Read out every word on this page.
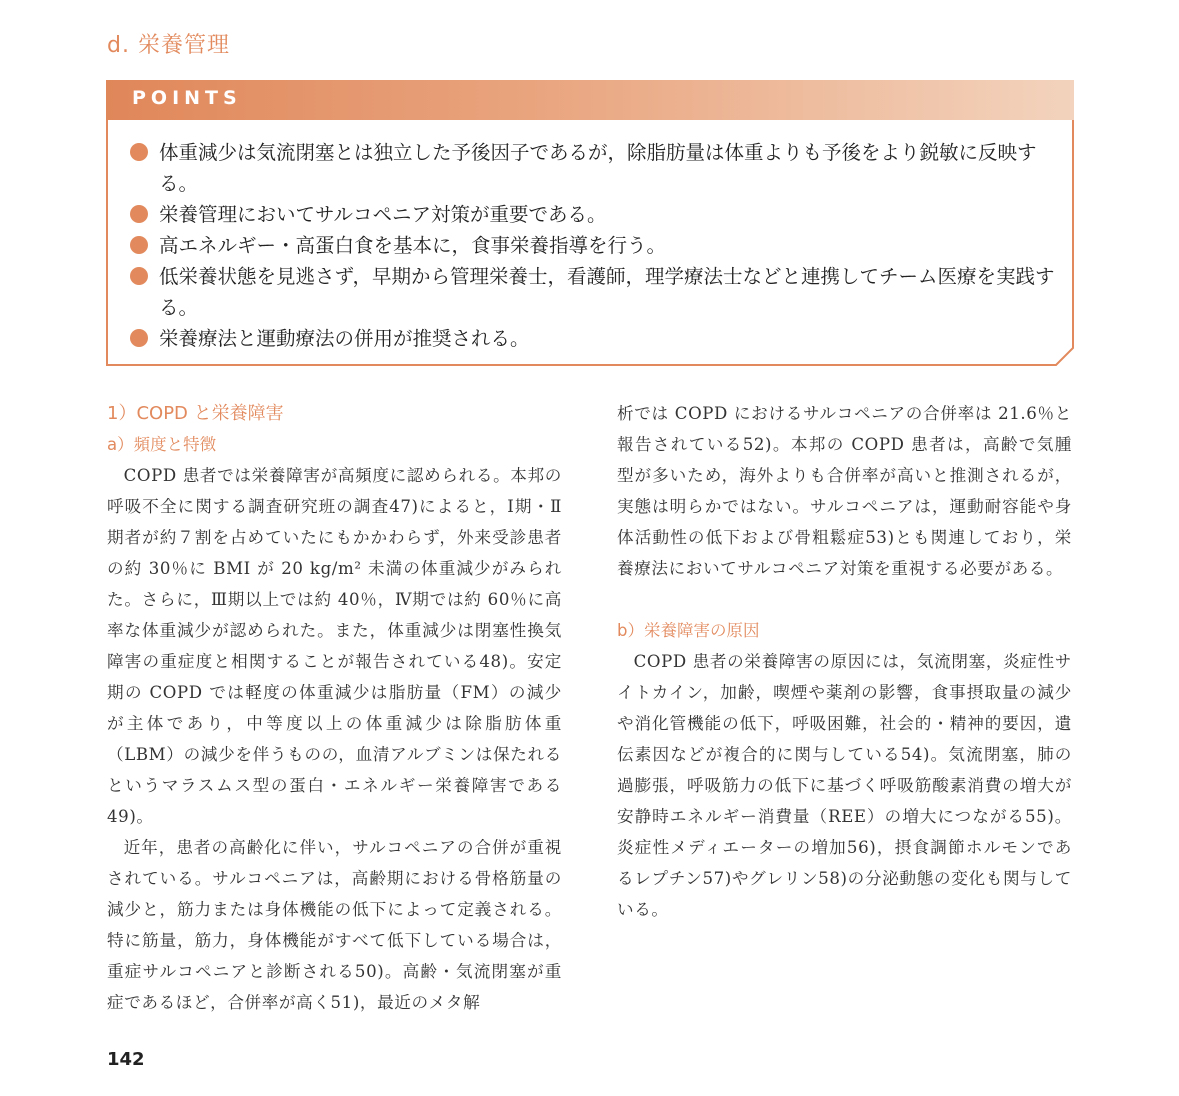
d. 栄養管理
POINTS
体重減少は気流閉塞とは独立した予後因子であるが，除脂肪量は体重よりも予後をより鋭敏に反映する。
栄養管理においてサルコペニア対策が重要である。
高エネルギー・高蛋白食を基本に，食事栄養指導を行う。
低栄養状態を見逃さず，早期から管理栄養士，看護師，理学療法士などと連携してチーム医療を実践する。
栄養療法と運動療法の併用が推奨される。
1）COPD と栄養障害
a）頻度と特徴

COPD 患者では栄養障害が高頻度に認められる。本邦の呼吸不全に関する調査研究班の調査47)によると，Ⅰ期・Ⅱ期者が約７割を占めていたにもかかわらず，外来受診患者の約 30％に BMI が 20 kg/m² 未満の体重減少がみられた。さらに，Ⅲ期以上では約 40％，Ⅳ期では約 60％に高率な体重減少が認められた。また，体重減少は閉塞性換気障害の重症度と相関することが報告されている48)。安定期の COPD では軽度の体重減少は脂肪量（FM）の減少が主体であり，中等度以上の体重減少は除脂肪体重（LBM）の減少を伴うものの，血清アルブミンは保たれるというマラスムス型の蛋白・エネルギー栄養障害である49)。

近年，患者の高齢化に伴い，サルコペニアの合併が重視されている。サルコペニアは，高齢期における骨格筋量の減少と，筋力または身体機能の低下によって定義される。特に筋量，筋力，身体機能がすべて低下している場合は，重症サルコペニアと診断される50)。高齢・気流閉塞が重症であるほど，合併率が高く51)，最近のメタ解

析では COPD におけるサルコペニアの合併率は 21.6％と報告されている52)。本邦の COPD 患者は，高齢で気腫型が多いため，海外よりも合併率が高いと推測されるが，実態は明らかではない。サルコペニアは，運動耐容能や身体活動性の低下および骨粗鬆症53)とも関連しており，栄養療法においてサルコペニア対策を重視する必要がある。

b）栄養障害の原因

COPD 患者の栄養障害の原因には，気流閉塞，炎症性サイトカイン，加齢，喫煙や薬剤の影響，食事摂取量の減少や消化管機能の低下，呼吸困難，社会的・精神的要因，遺伝素因などが複合的に関与している54)。気流閉塞，肺の過膨張，呼吸筋力の低下に基づく呼吸筋酸素消費の増大が安静時エネルギー消費量（REE）の増大につながる55)。炎症性メディエーターの増加56)，摂食調節ホルモンであるレプチン57)やグレリン58)の分泌動態の変化も関与している。

142
